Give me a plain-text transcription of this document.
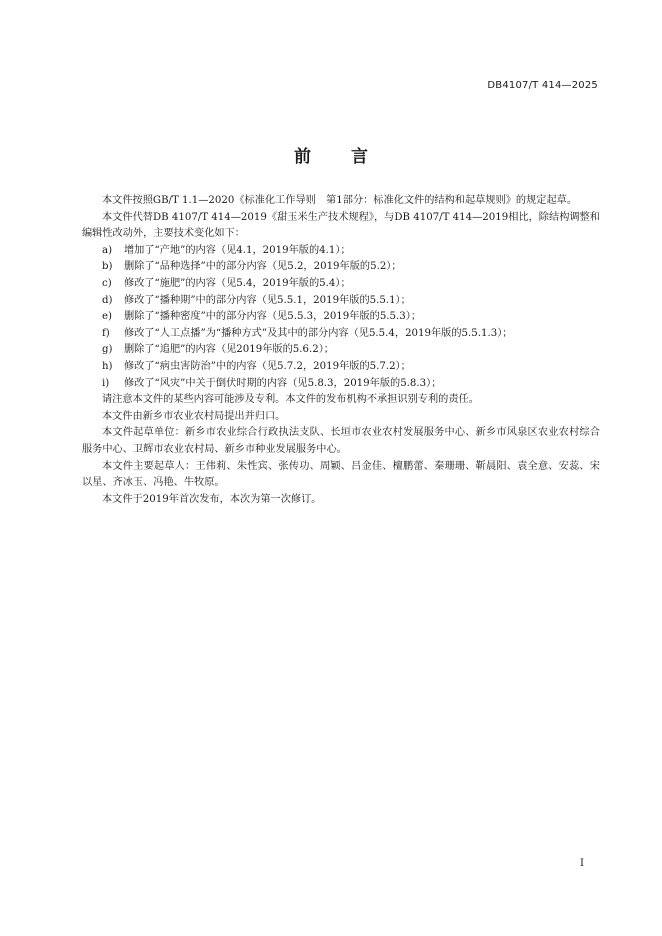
DB4107/T 414—2025
前言

本文件按照GB/T 1.1—2020《标准化工作导则　第1部分：标准化文件的结构和起草规则》的规定起草。

本文件代替DB 4107/T 414—2019《甜玉米生产技术规程》，与DB 4107/T 414—2019相比，除结构调整和编辑性改动外，主要技术变化如下：

a)	增加了“产地”的内容（见4.1，2019年版的4.1）；
b)	删除了“品种选择”中的部分内容（见5.2，2019年版的5.2）；
c)	修改了“施肥”的内容（见5.4，2019年版的5.4）；
d)	修改了“播种期”中的部分内容（见5.5.1，2019年版的5.5.1）；
e)	删除了“播种密度”中的部分内容（见5.5.3，2019年版的5.5.3）；
f)	修改了“人工点播”为“播种方式”及其中的部分内容（见5.5.4，2019年版的5.5.1.3）；
g)	删除了“追肥”的内容（见2019年版的5.6.2）；
h)	修改了“病虫害防治”中的内容（见5.7.2，2019年版的5.7.2）；
i)	修改了“风灾”中关于倒伏时期的内容（见5.8.3，2019年版的5.8.3）；

请注意本文件的某些内容可能涉及专利。本文件的发布机构不承担识别专利的责任。

本文件由新乡市农业农村局提出并归口。

本文件起草单位：新乡市农业综合行政执法支队、长垣市农业农村发展服务中心、新乡市风泉区农业农村综合服务中心、卫辉市农业农村局、新乡市种业发展服务中心。

本文件主要起草人：王伟莉、朱性宾、张传功、周颖、吕金佳、檀鹏蕾、秦珊珊、靳晨阳、袁全意、安蕊、宋以星、齐冰玉、冯艳、牛牧原。

本文件于2019年首次发布，本次为第一次修订。

I
